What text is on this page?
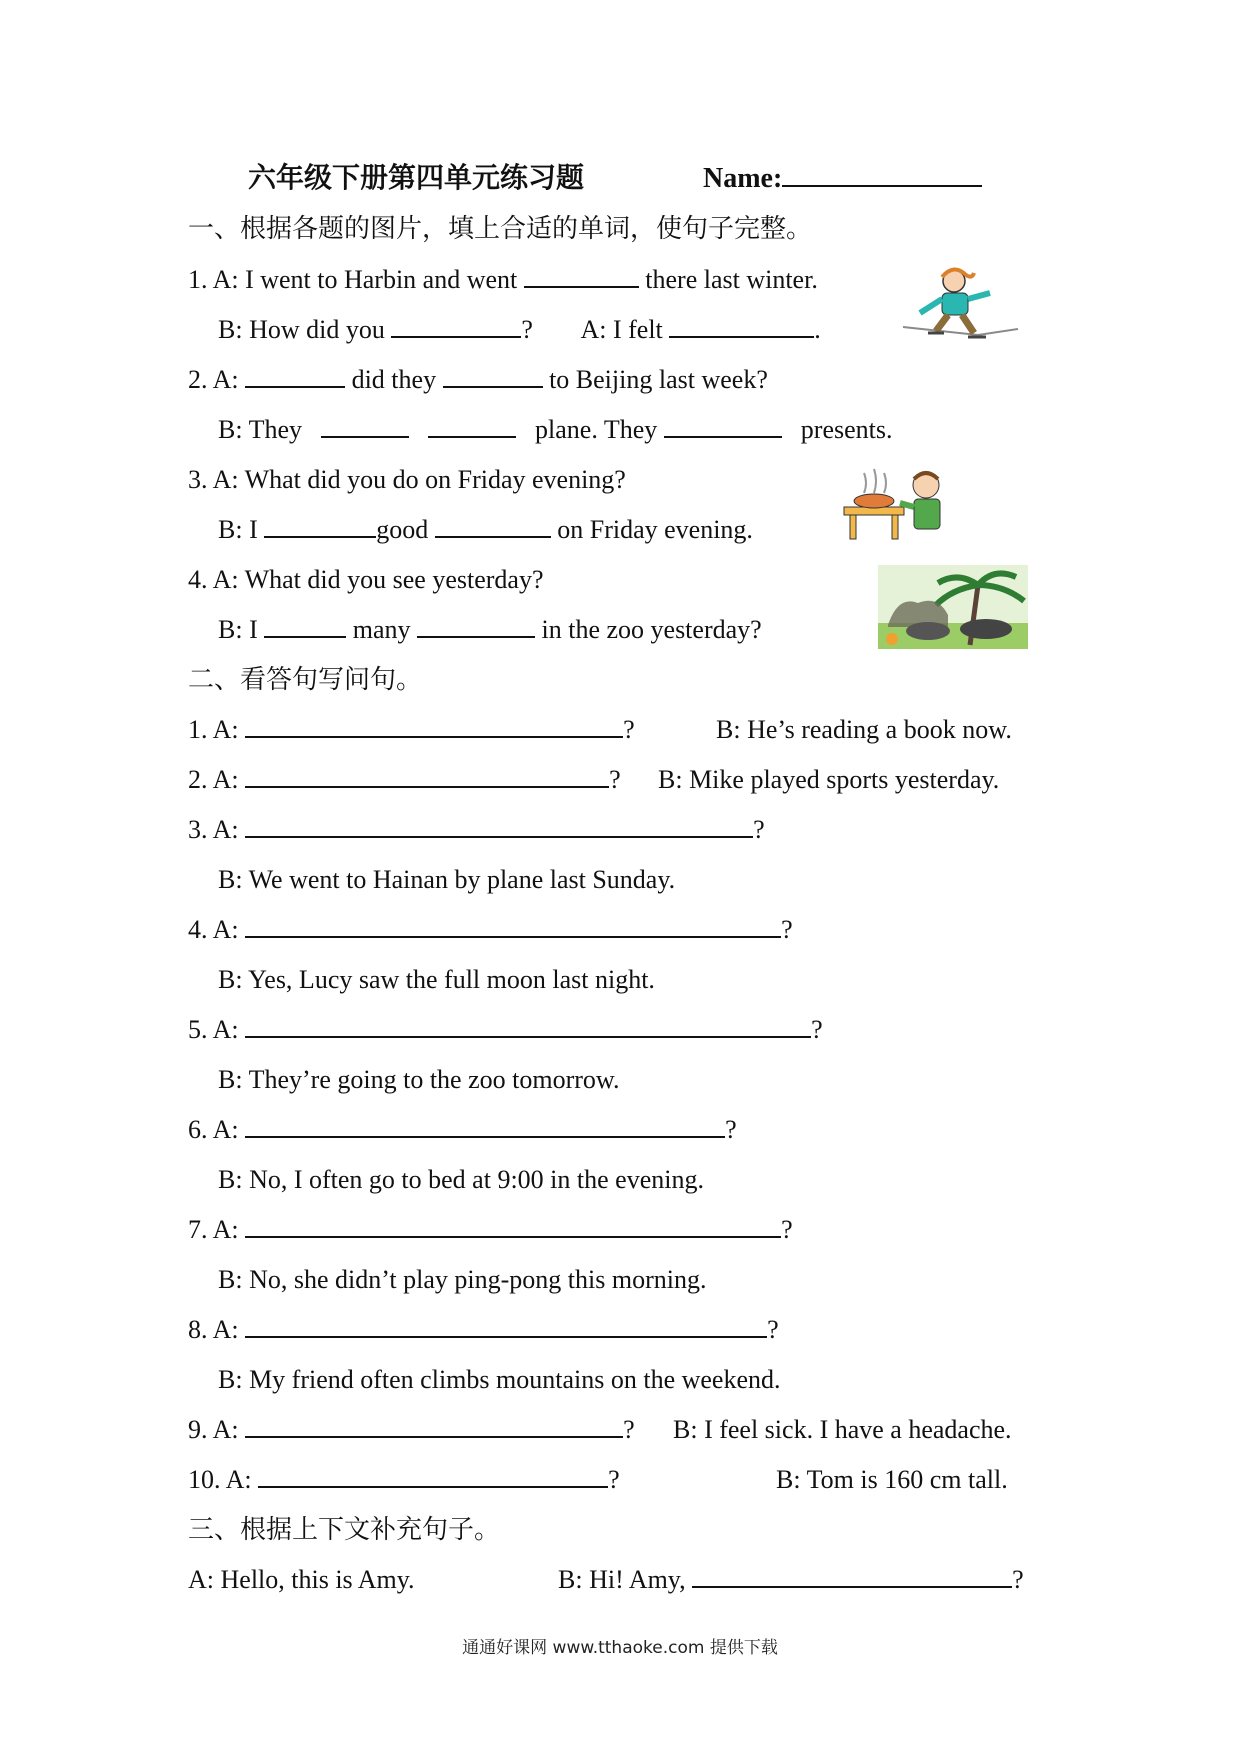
六年级下册第四单元练习题	Name:
一、根据各题的图片，填上合适的单词，使句子完整。
1. A: I went to Harbin and went	there last winter.
B: How did you	? A: I felt	.
2. A:	did they	to Beijing last week?
B: They	plane. They	presents.
3. A: What did you do on Friday evening?
B: I	good	on Friday evening.
4. A: What did you see yesterday?
B: I	many	in the zoo yesterday?
二、看答句写问句。
1. A:	?	B: He’s reading a book now.
2. A:	? B: Mike played sports yesterday.
3. A:	?
B: We went to Hainan by plane last Sunday.
4. A:	?
B: Yes, Lucy saw the full moon last night.
5. A:	?
B: They’re going to the zoo tomorrow.
6. A:	?
B: No, I often go to bed at 9:00 in the evening.
7. A:	?
B: No, she didn’t play ping-pong this morning.
8. A:	?
B: My friend often climbs mountains on the weekend.
9. A:	? B: I feel sick. I have a headache.
10. A:	?	B: Tom is 160 cm tall.
三、根据上下文补充句子。
A: Hello, this is Amy.	B: Hi! Amy,	?
通通好课网 www.tthaoke.com 提供下载
